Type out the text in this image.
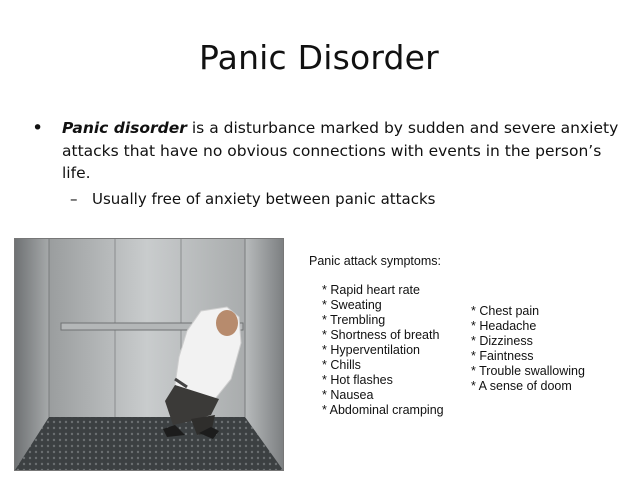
Panic Disorder
• Panic disorder is a disturbance marked by sudden and severe anxiety attacks that have no obvious connections with events in the person’s life.
– Usually free of anxiety between panic attacks
Panic attack symptoms:
* Rapid heart rate
* Sweating
* Trembling
* Shortness of breath
* Hyperventilation
* Chills
* Hot flashes
* Nausea
* Abdominal cramping
* Chest pain
* Headache
* Dizziness
* Faintness
* Trouble swallowing
* A sense of doom
